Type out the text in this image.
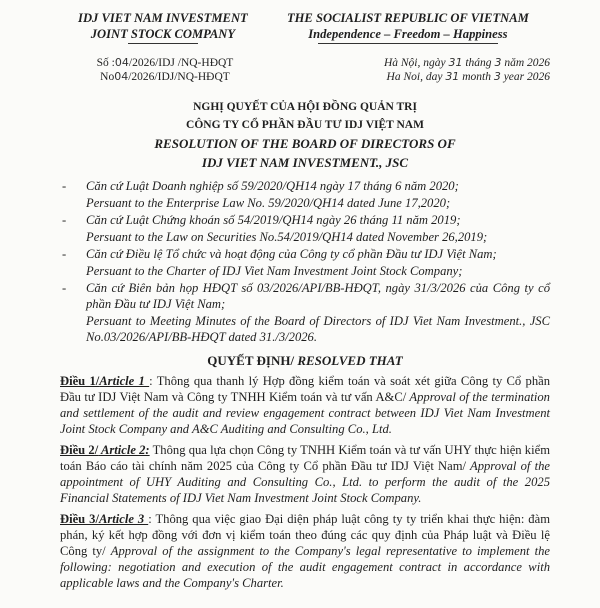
IDJ VIET NAM INVESTMENT
JOINT STOCK COMPANY
THE SOCIALIST REPUBLIC OF VIETNAM
Independence – Freedom – Happiness
Số :04/2026/IDJ /NQ-HĐQT
No04/2026/IDJ/NQ-HĐQT
Hà Nội, ngày 31 tháng 3 năm 2026
Ha Noi, day 31 month 3 year 2026
NGHỊ QUYẾT CỦA HỘI ĐỒNG QUẢN TRỊ
CÔNG TY CỔ PHẦN ĐẦU TƯ IDJ VIỆT NAM
RESOLUTION OF THE BOARD OF DIRECTORS OF
IDJ VIET NAM INVESTMENT., JSC
- Căn cứ Luật Doanh nghiệp số 59/2020/QH14 ngày 17 tháng 6 năm 2020;

Persuant to the Enterprise Law No. 59/2020/QH14 dated June 17,2020;

- Căn cứ Luật Chứng khoán số 54/2019/QH14 ngày 26 tháng 11 năm 2019;

Persuant to the Law on Securities No.54/2019/QH14 dated November 26,2019;

- Căn cứ Điều lệ Tổ chức và hoạt động của Công ty cổ phần Đầu tư IDJ Việt Nam;

Persuant to the Charter of IDJ Viet Nam Investment Joint Stock Company;

- Căn cứ Biên bản họp HĐQT số 03/2026/API/BB-HĐQT, ngày 31/3/2026 của Công ty cổ phần Đầu tư IDJ Việt Nam;

Persuant to Meeting Minutes of the Board of Directors of IDJ Viet Nam Investment., JSC No.03/2026/API/BB-HĐQT dated 31./3/2026.

QUYẾT ĐỊNH/ RESOLVED THAT

Điều 1/Article 1 : Thông qua thanh lý Hợp đồng kiểm toán và soát xét giữa Công ty Cổ phần Đầu tư IDJ Việt Nam và Công ty TNHH Kiểm toán và tư vấn A&C/ Approval of the termination and settlement of the audit and review engagement contract between IDJ Viet Nam Investment Joint Stock Company and A&C Auditing and Consulting Co., Ltd.

Điều 2/ Article 2: Thông qua lựa chọn Công ty TNHH Kiểm toán và tư vấn UHY thực hiện kiểm toán Báo cáo tài chính năm 2025 của Công ty Cổ phần Đầu tư IDJ Việt Nam/ Approval of the appointment of UHY Auditing and Consulting Co., Ltd. to perform the audit of the 2025 Financial Statements of IDJ Viet Nam Investment Joint Stock Company.

Điều 3/Article 3 : Thông qua việc giao Đại diện pháp luật công ty ty triển khai thực hiện: đàm phán, ký kết hợp đồng với đơn vị kiểm toán theo đúng các quy định của Pháp luật và Điều lệ Công ty/ Approval of the assignment to the Company's legal representative to implement the following: negotiation and execution of the audit engagement contract in accordance with applicable laws and the Company's Charter.
